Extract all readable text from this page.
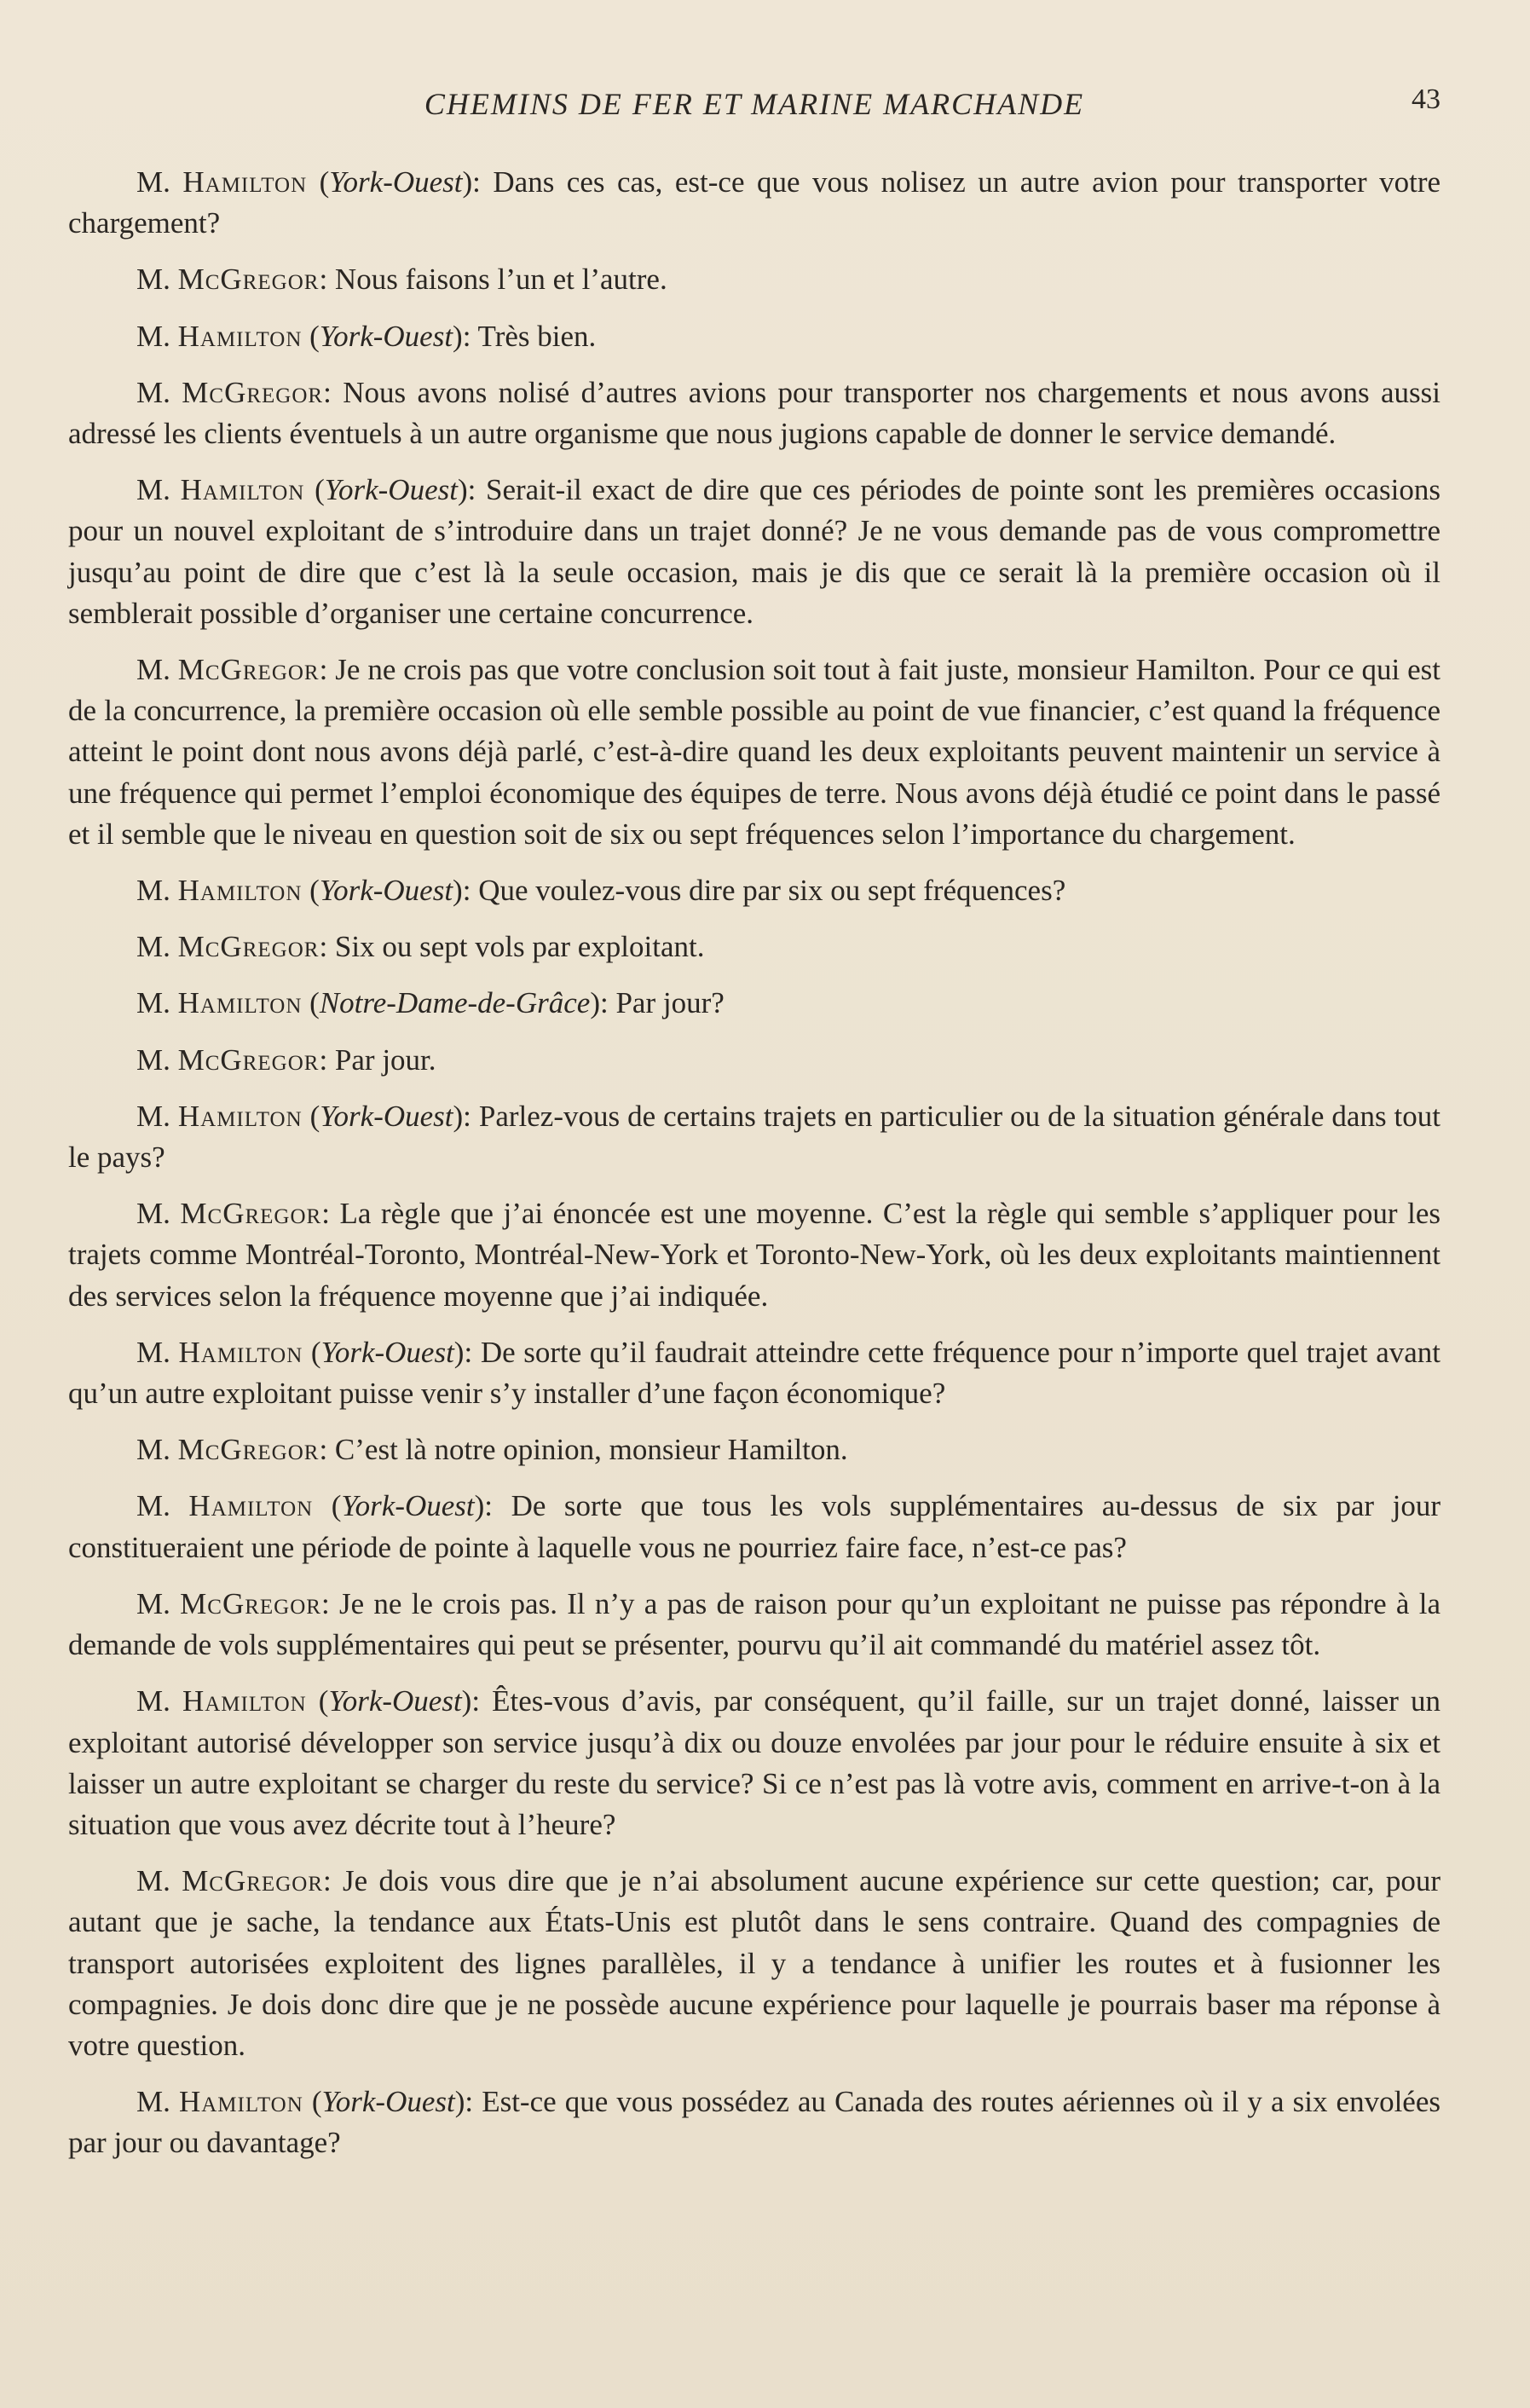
CHEMINS DE FER ET MARINE MARCHANDE	43

M. Hamilton (York-Ouest): Dans ces cas, est-ce que vous nolisez un autre avion pour transporter votre chargement?

M. McGregor: Nous faisons l’un et l’autre.

M. Hamilton (York-Ouest): Très bien.

M. McGregor: Nous avons nolisé d’autres avions pour transporter nos chargements et nous avons aussi adressé les clients éventuels à un autre organisme que nous jugions capable de donner le service demandé.

M. Hamilton (York-Ouest): Serait-il exact de dire que ces périodes de pointe sont les premières occasions pour un nouvel exploitant de s’introduire dans un trajet donné? Je ne vous demande pas de vous compromettre jusqu’au point de dire que c’est là la seule occasion, mais je dis que ce serait là la première occasion où il semblerait possible d’organiser une certaine concurrence.

M. McGregor: Je ne crois pas que votre conclusion soit tout à fait juste, monsieur Hamilton. Pour ce qui est de la concurrence, la première occasion où elle semble possible au point de vue financier, c’est quand la fréquence atteint le point dont nous avons déjà parlé, c’est-à-dire quand les deux exploitants peuvent maintenir un service à une fréquence qui permet l’emploi économique des équipes de terre. Nous avons déjà étudié ce point dans le passé et il semble que le niveau en question soit de six ou sept fréquences selon l’importance du chargement.

M. Hamilton (York-Ouest): Que voulez-vous dire par six ou sept fréquences?

M. McGregor: Six ou sept vols par exploitant.

M. Hamilton (Notre-Dame-de-Grâce): Par jour?

M. McGregor: Par jour.

M. Hamilton (York-Ouest): Parlez-vous de certains trajets en particulier ou de la situation générale dans tout le pays?

M. McGregor: La règle que j’ai énoncée est une moyenne. C’est la règle qui semble s’appliquer pour les trajets comme Montréal-Toronto, Montréal-New-York et Toronto-New-York, où les deux exploitants maintiennent des services selon la fréquence moyenne que j’ai indiquée.

M. Hamilton (York-Ouest): De sorte qu’il faudrait atteindre cette fréquence pour n’importe quel trajet avant qu’un autre exploitant puisse venir s’y installer d’une façon économique?

M. McGregor: C’est là notre opinion, monsieur Hamilton.

M. Hamilton (York-Ouest): De sorte que tous les vols supplémentaires au-dessus de six par jour constitueraient une période de pointe à laquelle vous ne pourriez faire face, n’est-ce pas?

M. McGregor: Je ne le crois pas. Il n’y a pas de raison pour qu’un exploitant ne puisse pas répondre à la demande de vols supplémentaires qui peut se présenter, pourvu qu’il ait commandé du matériel assez tôt.

M. Hamilton (York-Ouest): Êtes-vous d’avis, par conséquent, qu’il faille, sur un trajet donné, laisser un exploitant autorisé développer son service jusqu’à dix ou douze envolées par jour pour le réduire ensuite à six et laisser un autre exploitant se charger du reste du service? Si ce n’est pas là votre avis, comment en arrive-t-on à la situation que vous avez décrite tout à l’heure?

M. McGregor: Je dois vous dire que je n’ai absolument aucune expérience sur cette question; car, pour autant que je sache, la tendance aux États-Unis est plutôt dans le sens contraire. Quand des compagnies de transport autorisées exploitent des lignes parallèles, il y a tendance à unifier les routes et à fusionner les compagnies. Je dois donc dire que je ne possède aucune expérience pour laquelle je pourrais baser ma réponse à votre question.

M. Hamilton (York-Ouest): Est-ce que vous possédez au Canada des routes aériennes où il y a six envolées par jour ou davantage?
